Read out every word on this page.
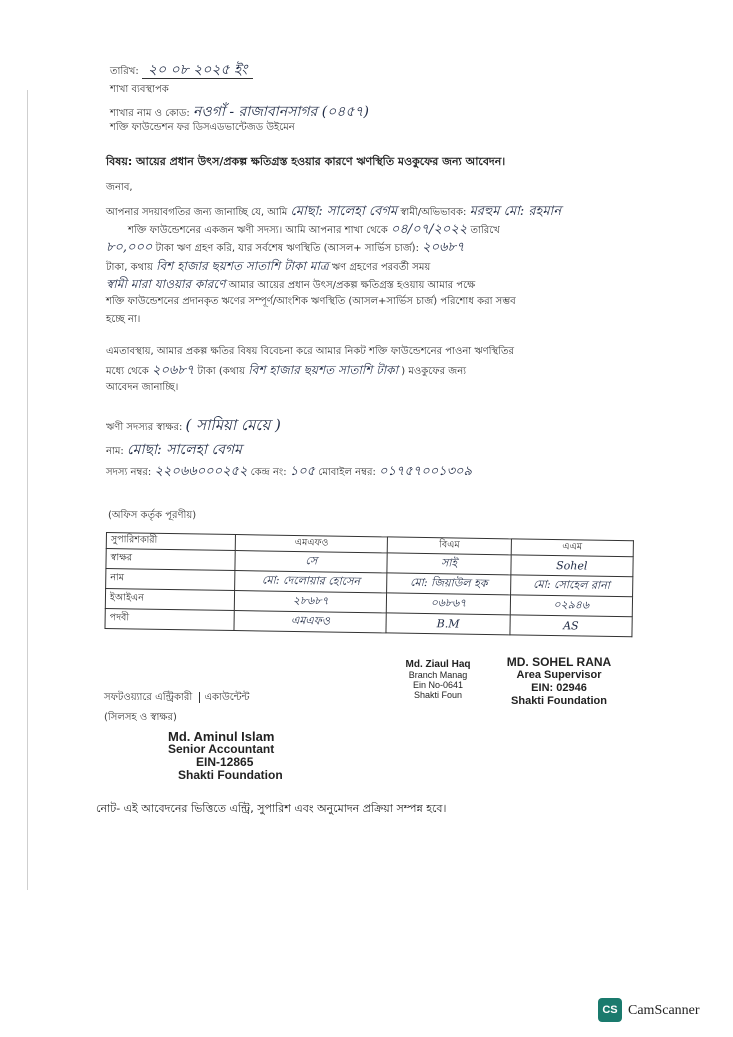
তারিখ: ২০ ০৮ ২০২৫ ইং
শাখা ব্যবস্থাপক
শাখার নাম ও কোড: নওগাঁ - রাজাবানসাগর (০৪৫৭)
শক্তি ফাউন্ডেশন ফর ডিসএডভান্টেজড উইমেন
বিষয়: আয়ের প্রধান উৎস/প্রকল্প ক্ষতিগ্রস্ত হওয়ার কারণে ঋণস্থিতি মওকুফের জন্য আবেদন।
জনাব,
আপনার সদয়াবগতির জন্য জানাচ্ছি যে, আমি মোছা: সালেহা বেগম স্বামী/অভিভাবক: মরহুম মো: রহমান
শক্তি ফাউন্ডেশনের একজন ঋণী সদস্য। আমি আপনার শাখা থেকে ০৪/০৭/২০২২ তারিখে
৮০,০০০ টাকা ঋণ গ্রহণ করি, যার সর্বশেষ ঋণস্থিতি (আসল+ সার্ভিস চার্জ): ২০৬৮৭
টাকা, কথায় বিশ হাজার ছয়শত সাতাশি টাকা মাত্র ঋণ গ্রহণের পরবর্তী সময়
স্বামী মারা যাওয়ার কারণে আমার আয়ের প্রধান উৎস/প্রকল্প ক্ষতিগ্রস্ত হওয়ায় আমার পক্ষে
শক্তি ফাউন্ডেশনের প্রদানকৃত ঋণের সম্পূর্ণ/আংশিক ঋণস্থিতি (আসল+সার্ভিস চার্জ) পরিশোধ করা সম্ভব
হচ্ছে না।
এমতাবস্থায়, আমার প্রকল্প ক্ষতির বিষয় বিবেচনা করে আমার নিকট শক্তি ফাউন্ডেশনের পাওনা ঋণস্থিতির
মধ্যে থেকে ২০৬৮৭ টাকা (কথায় বিশ হাজার ছয়শত সাতাশি টাকা ) মওকুফের জন্য
আবেদন জানাচ্ছি।
ঋণী সদস্যর স্বাক্ষর: ( সামিয়া মেয়ে )
নাম: মোছা: সালেহা বেগম
সদস্য নম্বর: ২২০৬৬০০০২৫২ কেন্দ্র নং: ১০৫ মোবাইল নম্বর: ০১৭৫৭০০১৩০৯
(অফিস কর্তৃক পূরণীয়)
সুপারিশকারী	এমএফও	বিএম	এএম
স্বাক্ষর	সে	সাই	Sohel
নাম	মো: দেলোয়ার হোসেন	মো: জিয়াউল হক	মো: সোহেল রানা
ইআইএন	২৮৬৮৭	০৬৮৬৭	০২৯৪৬
পদবী	এমএফও	B.M	AS
Md. Ziaul Haq
Branch Manag
Ein No-0641
Shakti Foun
MD. SOHEL RANA
Area Supervisor
EIN: 02946
Shakti Foundation
সফটওয়্যারে এন্ট্রিকারী একাউন্টেন্ট
(সিলসহ ও স্বাক্ষর)
Md. Aminul Islam
Senior Accountant
EIN-12865
Shakti Foundation
নোট- এই আবেদনের ভিত্তিতে এন্ট্রি, সুপারিশ এবং অনুমোদন প্রক্রিয়া সম্পন্ন হবে।
CS CamScanner
